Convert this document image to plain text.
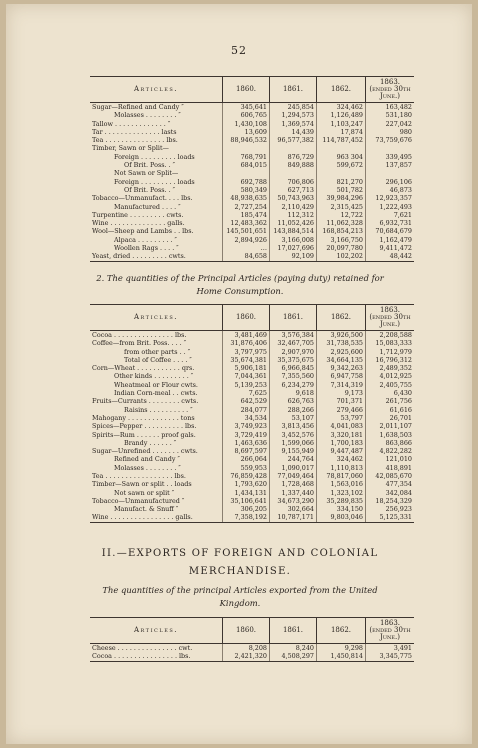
52
Articles.	1860.	1861.	1862.	1863. (ended 30th June.)
Sugar—Refined and Candy ″	345,641	245,854	324,462	163,482
Molasses . . . . . . . . ″	606,765	1,294,573	1,126,489	531,180
Tallow . . . . . . . . . . . . . ″	1,430,108	1,369,574	1,103,247	227,042
Tar . . . . . . . . . . . . . . lasts	13,609	14,439	17,874	980
Tea . . . . . . . . . . . . . . . lbs.	88,946,532	96,577,382	114,787,452	73,759,676
Timber, Sawn or Split—				
Foreign . . . . . . . . . loads	768,791	876,729	963 304	339,495
Of Brit. Poss. . ″	684,015	849,888	599,672	137,857
Not Sawn or Split—				
Foreign . . . . . . . . . loads	692,788	706,806	821,270	296,106
Of Brit. Poss. . ″	580,349	627,713	501,782	46,873
Tobacco—Unmanufact. . . . lbs.	48,938,635	50,743,963	39,984,296	12,923,357
Manufactured . . . . ″	2,727,254	2,110,429	2,315,425	1,222,493
Turpentine . . . . . . . . . cwts.	185,474	112,312	12,722	7,621
Wine . . . . . . . . . . . . . . galls.	12,483,362	11,052,426	11,062,328	6,932,731
Wool—Sheep and Lambs . . lbs.	145,501,651	143,884,514	168,854,213	70,684,679
Alpaca . . . . . . . . . ″	2,894,926	3,166,008	3,166,750	1,162,479
Woollen Rags . . . . ″	…	17,027,696	20,097,780	9,411,472
Yeast, dried . . . . . . . . . cwts.	84,658	92,109	102,202	48,442
2. The quantities of the Principal Articles (paying duty) retained for Home Consumption.
Articles.	1860.	1861.	1862.	1863. (ended 30th June.)
Cocoa . . . . . . . . . . . . . . . lbs.	3,481,469	3,576,384	3,926,500	2,208,588
Coffee—from Brit. Poss. . . . ″	31,876,406	32,467,705	31,738,535	15,083,333
from other parts . . ″	3,797,975	2,907,970	2,925,600	1,712,979
Total of Coffee . . . . ″	35,674,381	35,375,675	34,664,135	16,796,312
Corn—Wheat . . . . . . . . . . . qrs.	5,906,181	6,966,845	9,342,263	2,489,352
Other kinds . . . . . . . . . ″	7,044,361	7,355,560	6,947,758	4,012,925
Wheatmeal or Flour cwts.	5,139,253	6,234,279	7,314,319	2,405,755
Indian Corn-meal . . cwts.	7,625	9,618	9,173	6,430
Fruits—Currants . . . . . . . . cwts.	642,529	626,763	701,371	261,756
Raisins . . . . . . . . . . ″	284,077	288,266	279,466	61,616
Mahogany . . . . . . . . . . . . . tons	34,534	53,107	53,797	26,701
Spices—Pepper . . . . . . . . . . lbs.	3,749,923	3,813,456	4,041,083	2,011,107
Spirits—Rum . . . . . . proof gals.	3,729,419	3,452,576	3,320,181	1,638,503
Brandy . . . . . . ″	1,463,636	1,599,066	1,700,183	863,866
Sugar—Unrefined . . . . . . . cwts.	8,697,597	9,155,949	9,447,487	4,822,282
Refined and Candy ″	266,064	244,764	324,462	121,010
Molasses . . . . . . . . ″	559,953	1,090,017	1,110,813	418,891
Tea . . . . . . . . . . . . . . . . . lbs.	76,859,428	77,049,464	78,817,060	42,085,670
Timber—Sawn or split . . loads	1,793,620	1,728,468	1,563,016	477,354
Not sawn or split ″	1,434,131	1,337,440	1,323,102	342,084
Tobacco—Unmanufactured ″	35,106,641	34,673,290	35,289,835	18,254,329
Manufact. & Snuff ″	306,205	302,664	334,150	256,923
Wine . . . . . . . . . . . . . . . . galls.	7,358,192	10,787,171	9,803,046	5,125,331
II.—EXPORTS OF FOREIGN AND COLONIAL MERCHANDISE.
The quantities of the principal Articles exported from the United Kingdom.
Articles.	1860.	1861.	1862.	1863. (ended 30th June.)
Cheese . . . . . . . . . . . . . . . cwt.	8,208	8,240	9,298	3,491
Cocoa . . . . . . . . . . . . . . . . lbs.	2,421,320	4,508,297	1,450,814	3,345,775
